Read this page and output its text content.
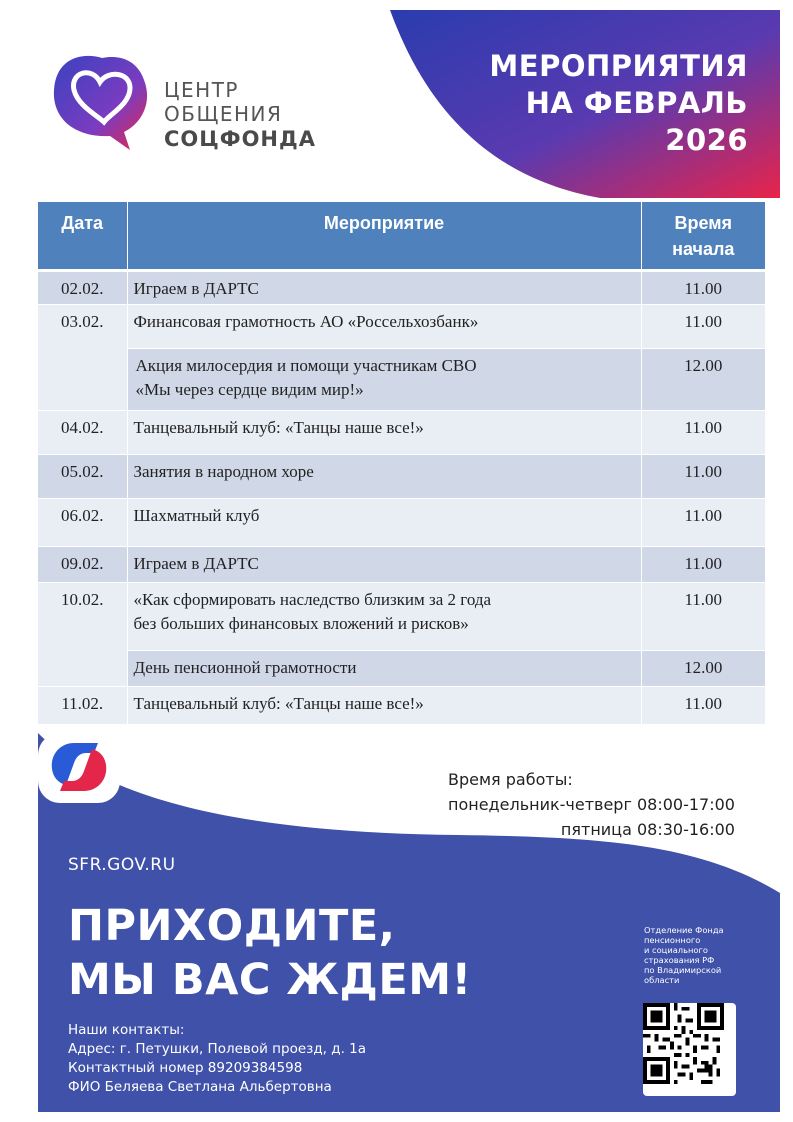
МЕРОПРИЯТИЯ
НА ФЕВРАЛЬ
2026
ЦЕНТР
ОБЩЕНИЯ
СОЦФОНДА
Дата	Мероприятие	Время
начала

02.02.	Играем в ДАРТС	11.00
03.02.	Финансовая грамотность АО «Россельхозбанк»	11.00

	Акция милосердия и помощи участникам СВО
«Мы через сердце видим мир!»	12.00
04.02.	Танцевальный клуб: «Танцы наше все!»	11.00
05.02.	Занятия в народном хоре	11.00
06.02.	Шахматный клуб	11.00
09.02.	Играем в ДАРТС	11.00
10.02.	«Как сформировать наследство близким за 2 года
без больших финансовых вложений и рисков»	11.00
	День пенсионной грамотности	12.00
11.02.	Танцевальный клуб: «Танцы наше все!»	11.00
Время работы:
понедельник-четверг 08:00-17:00
пятница 08:30-16:00
SFR.GOV.RU
ПРИХОДИТЕ,
МЫ ВАС ЖДЕМ!
Наши контакты:
Адрес: г. Петушки, Полевой проезд, д. 1а
Контактный номер 89209384598
ФИО Беляева Светлана Альбертовна
Отделение Фонда
пенсионного
и социального
страхования РФ
по Владимирской
области
